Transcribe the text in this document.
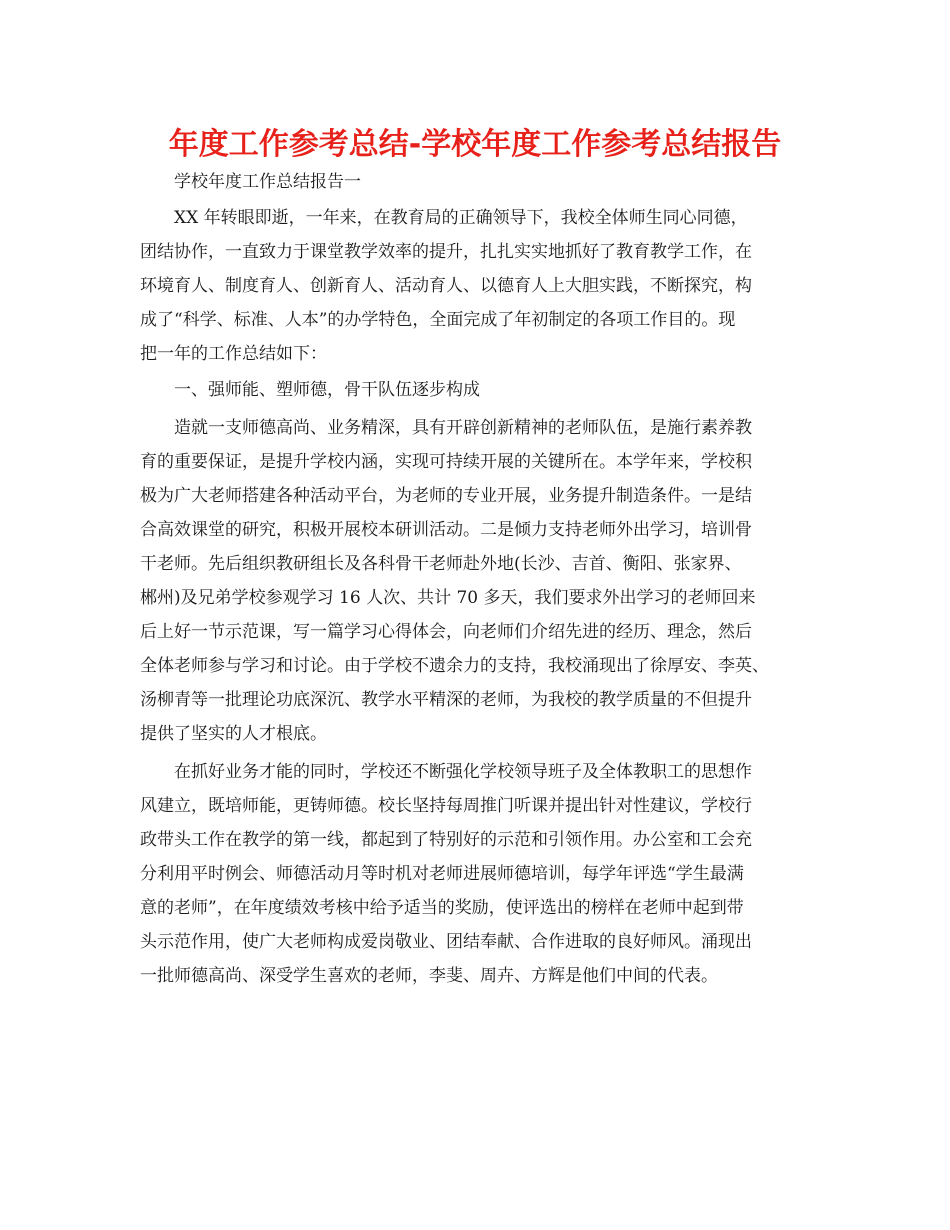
年度工作参考总结-学校年度工作参考总结报告
学校年度工作总结报告一
XX 年转眼即逝，一年来，在教育局的正确领导下，我校全体师生同心同德，
团结协作，一直致力于课堂教学效率的提升，扎扎实实地抓好了教育教学工作，在
环境育人、制度育人、创新育人、活动育人、以德育人上大胆实践，不断探究，构
成了“科学、标准、人本”的办学特色，全面完成了年初制定的各项工作目的。现
把一年的工作总结如下：
一、强师能、塑师德，骨干队伍逐步构成
造就一支师德高尚、业务精深，具有开辟创新精神的老师队伍，是施行素养教
育的重要保证，是提升学校内涵，实现可持续开展的关键所在。本学年来，学校积
极为广大老师搭建各种活动平台，为老师的专业开展，业务提升制造条件。一是结
合高效课堂的研究，积极开展校本研训活动。二是倾力支持老师外出学习，培训骨
干老师。先后组织教研组长及各科骨干老师赴外地(长沙、吉首、衡阳、张家界、
郴州)及兄弟学校参观学习 16 人次、共计 70 多天，我们要求外出学习的老师回来
后上好一节示范课，写一篇学习心得体会，向老师们介绍先进的经历、理念，然后
全体老师参与学习和讨论。由于学校不遗余力的支持，我校涌现出了徐厚安、李英、
汤柳青等一批理论功底深沉、教学水平精深的老师，为我校的教学质量的不但提升
提供了坚实的人才根底。
在抓好业务才能的同时，学校还不断强化学校领导班子及全体教职工的思想作
风建立，既培师能，更铸师德。校长坚持每周推门听课并提出针对性建议，学校行
政带头工作在教学的第一线，都起到了特别好的示范和引领作用。办公室和工会充
分利用平时例会、师德活动月等时机对老师进展师德培训，每学年评选“学生最满
意的老师”，在年度绩效考核中给予适当的奖励，使评选出的榜样在老师中起到带
头示范作用，使广大老师构成爱岗敬业、团结奉献、合作进取的良好师风。涌现出
一批师德高尚、深受学生喜欢的老师，李斐、周卉、方辉是他们中间的代表。
